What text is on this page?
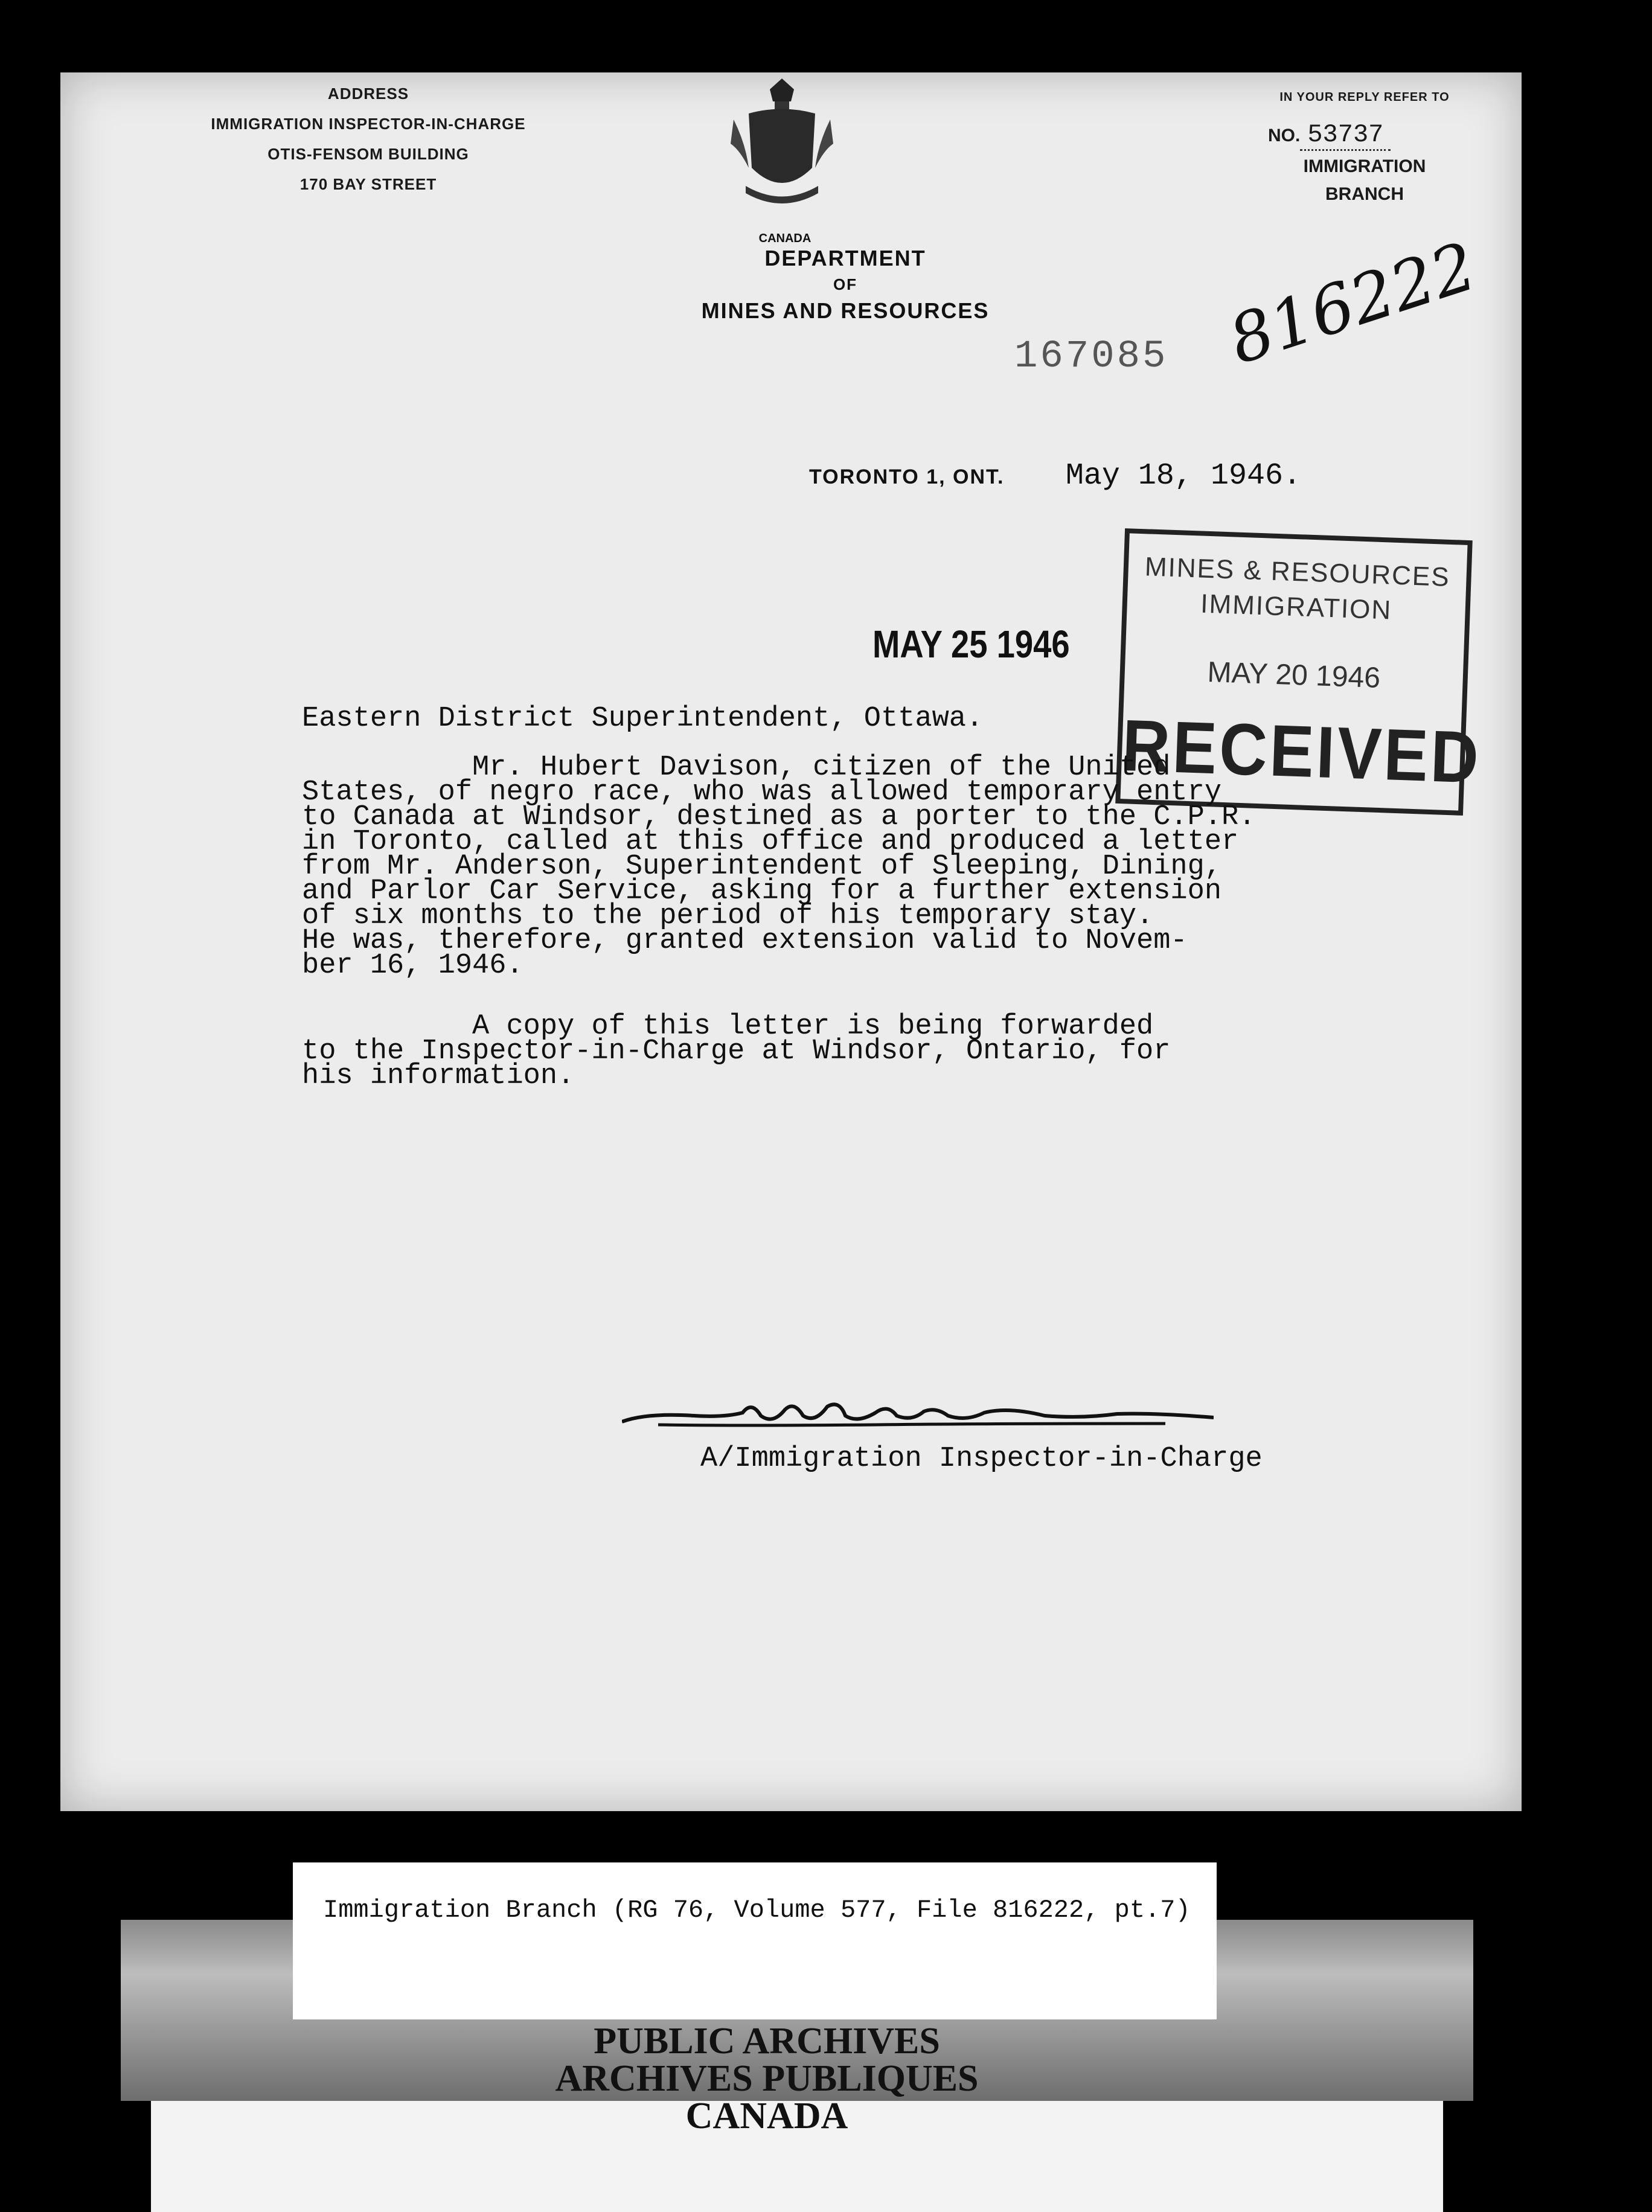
ADDRESS
IMMIGRATION INSPECTOR-IN-CHARGE
OTIS-FENSOM BUILDING
170 BAY STREET
CANADA
DEPARTMENT
OF
MINES AND RESOURCES
IN YOUR REPLY REFER TO
NO. 53737
IMMIGRATION
BRANCH
167085 816222
TORONTO 1, ONT. May 18, 1946.
MAY 25 1946
MINES & RESOURCES
IMMIGRATION
MAY 20 1946
RECEIVED

Eastern District Superintendent, Ottawa.

Mr. Hubert Davison, citizen of the United
States, of negro race, who was allowed temporary entry
to Canada at Windsor, destined as a porter to the C.P.R.
in Toronto, called at this office and produced a letter
from Mr. Anderson, Superintendent of Sleeping, Dining,
and Parlor Car Service, asking for a further extension
of six months to the period of his temporary stay.
He was, therefore, granted extension valid to Novem-
ber 16, 1946.

A copy of this letter is being forwarded
to the Inspector-in-Charge at Windsor, Ontario, for
his information.

A/Immigration Inspector-in-Charge
Immigration Branch (RG 76, Volume 577, File 816222, pt.7)
PUBLIC ARCHIVES
ARCHIVES PUBLIQUES
CANADA
